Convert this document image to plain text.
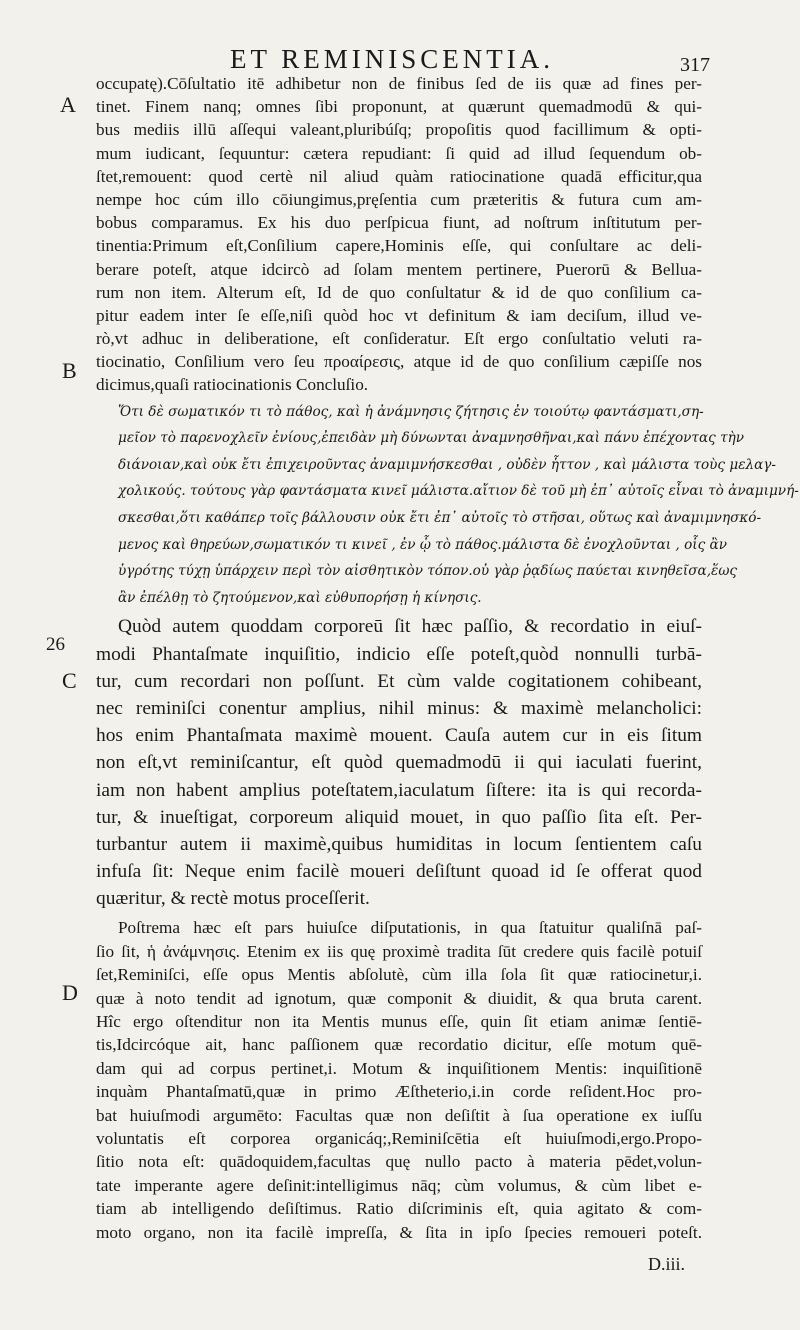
ET REMINISCENTIA.	317
A
B
26
C
D
occupatę).Cōſultatio itē adhibetur non de finibus ſed de iis quæ ad fines per-
tinet. Finem nanq; omnes ſibi proponunt, at quærunt quemadmodū & qui-
bus mediis illū aſſequi valeant,pluribúſq; propoſitis quod facillimum & opti-
mum iudicant, ſequuntur: cætera repudiant: ſi quid ad illud ſequendum ob-
ſtet,remouent: quod certè nil aliud quàm ratiocinatione quadā efficitur,qua
nempe hoc cúm illo cōiungimus,pręſentia cum præteritis & futura cum am-
bobus comparamus. Ex his duo perſpicua fiunt, ad noſtrum inſtitutum per-
tinentia:Primum eſt,Conſilium capere,Hominis eſſe, qui conſultare ac deli-
berare poteſt, atque idcircò ad ſolam mentem pertinere, Puerorū & Bellua-
rum non item. Alterum eſt, Id de quo conſultatur & id de quo conſilium ca-
pitur eadem inter ſe eſſe,niſi quòd hoc vt definitum & iam deciſum, illud ve-
rò,vt adhuc in deliberatione, eſt conſideratur. Eſt ergo conſultatio veluti ra-
tiocinatio, Conſilium vero ſeu προαίρεσις, atque id de quo conſilium cæpiſſe nos
dicimus,quaſi ratiocinationis Concluſio.
Ὅτι δὲ σωματικόν τι τὸ πάθος, καὶ ἡ ἀνάμνησις ζήτησις ἐν τοιούτῳ φαντάσματι,ση-
μεῖον τὸ παρενοχλεῖν ἐνίους,ἐπειδὰν μὴ δύνωνται ἀναμνησθῆναι,καὶ πάνυ ἐπέχοντας τὴν
διάνοιαν,καὶ οὐκ ἔτι ἐπιχειροῦντας ἀναμιμνήσκεσθαι , οὐδὲν ἧττον , καὶ μάλιστα τοὺς μελαγ-
χολικούς. τούτους γὰρ φαντάσματα κινεῖ μάλιστα.αἴτιον δὲ τοῦ μὴ ἐπ᾽ αὐτοῖς εἶναι τὸ ἀναμιμνή-
σκεσθαι,ὅτι καθάπερ τοῖς βάλλουσιν οὐκ ἔτι ἐπ᾽ αὐτοῖς τὸ στῆσαι, οὕτως καὶ ἀναμιμνησκό-
μενος καὶ θηρεύων,σωματικόν τι κινεῖ , ἐν ᾧ τὸ πάθος.μάλιστα δὲ ἐνοχλοῦνται , οἷς ἂν
ὑγρότης τύχῃ ὑπάρχειν περὶ τὸν αἰσθητικὸν τόπον.οὐ γὰρ ῥᾳδίως παύεται κινηθεῖσα,ἕως
ἂν ἐπέλθῃ τὸ ζητούμενον,καὶ εὐθυπορήσῃ ἡ κίνησις.
Quòd autem quoddam corporeū ſit hæc paſſio, & recordatio in eiuſ-
modi Phantaſmate inquiſitio, indicio eſſe poteſt,quòd nonnulli turbā-
tur, cum recordari non poſſunt. Et cùm valde cogitationem cohibeant,
nec reminiſci conentur amplius, nihil minus: & maximè melancholici:
hos enim Phantaſmata maximè mouent. Cauſa autem cur in eis ſitum
non eſt,vt reminiſcantur, eſt quòd quemadmodū ii qui iaculati fuerint,
iam non habent amplius poteſtatem,iaculatum ſiſtere: ita is qui recorda-
tur, & inueſtigat, corporeum aliquid mouet, in quo paſſio ſita eſt. Per-
turbantur autem ii maximè,quibus humiditas in locum ſentientem caſu
infuſa ſit: Neque enim facilè moueri deſiſtunt quoad id ſe offerat quod
quæritur, & rectè motus proceſſerit.
Poſtrema hæc eſt pars huiuſce diſputationis, in qua ſtatuitur qualiſnā paſ-
ſio ſit, ἡ ἀνάμνησις. Etenim ex iis quę proximè tradita ſūt credere quis facilè potuiſ
ſet,Reminiſci, eſſe opus Mentis abſolutè, cùm illa ſola ſit quæ ratiocinetur,i.
quæ à noto tendit ad ignotum, quæ componit & diuidit, & qua bruta carent.
Hîc ergo oſtenditur non ita Mentis munus eſſe, quin ſit etiam animæ ſentiē-
tis,Idcircóque ait, hanc paſſionem quæ recordatio dicitur, eſſe motum quē-
dam qui ad corpus pertinet,i. Motum & inquiſitionem Mentis: inquiſitionē
inquàm Phantaſmatū,quæ in primo Æſtheterio,i.in corde reſident.Hoc pro-
bat huiuſmodi argumēto: Facultas quæ non deſiſtit à ſua operatione ex iuſſu
voluntatis eſt corporea organicáq;,Reminiſcētia eſt huiuſmodi,ergo.Propo-
ſitio nota eſt: quādoquidem,facultas quę nullo pacto à materia pēdet,volun-
tate imperante agere deſinit:intelligimus nāq; cùm volumus, & cùm libet e-
tiam ab intelligendo deſiſtimus. Ratio diſcriminis eſt, quia agitato & com-
moto organo, non ita facilè impreſſa, & ſita in ipſo ſpecies remoueri poteſt.
D.iii.
